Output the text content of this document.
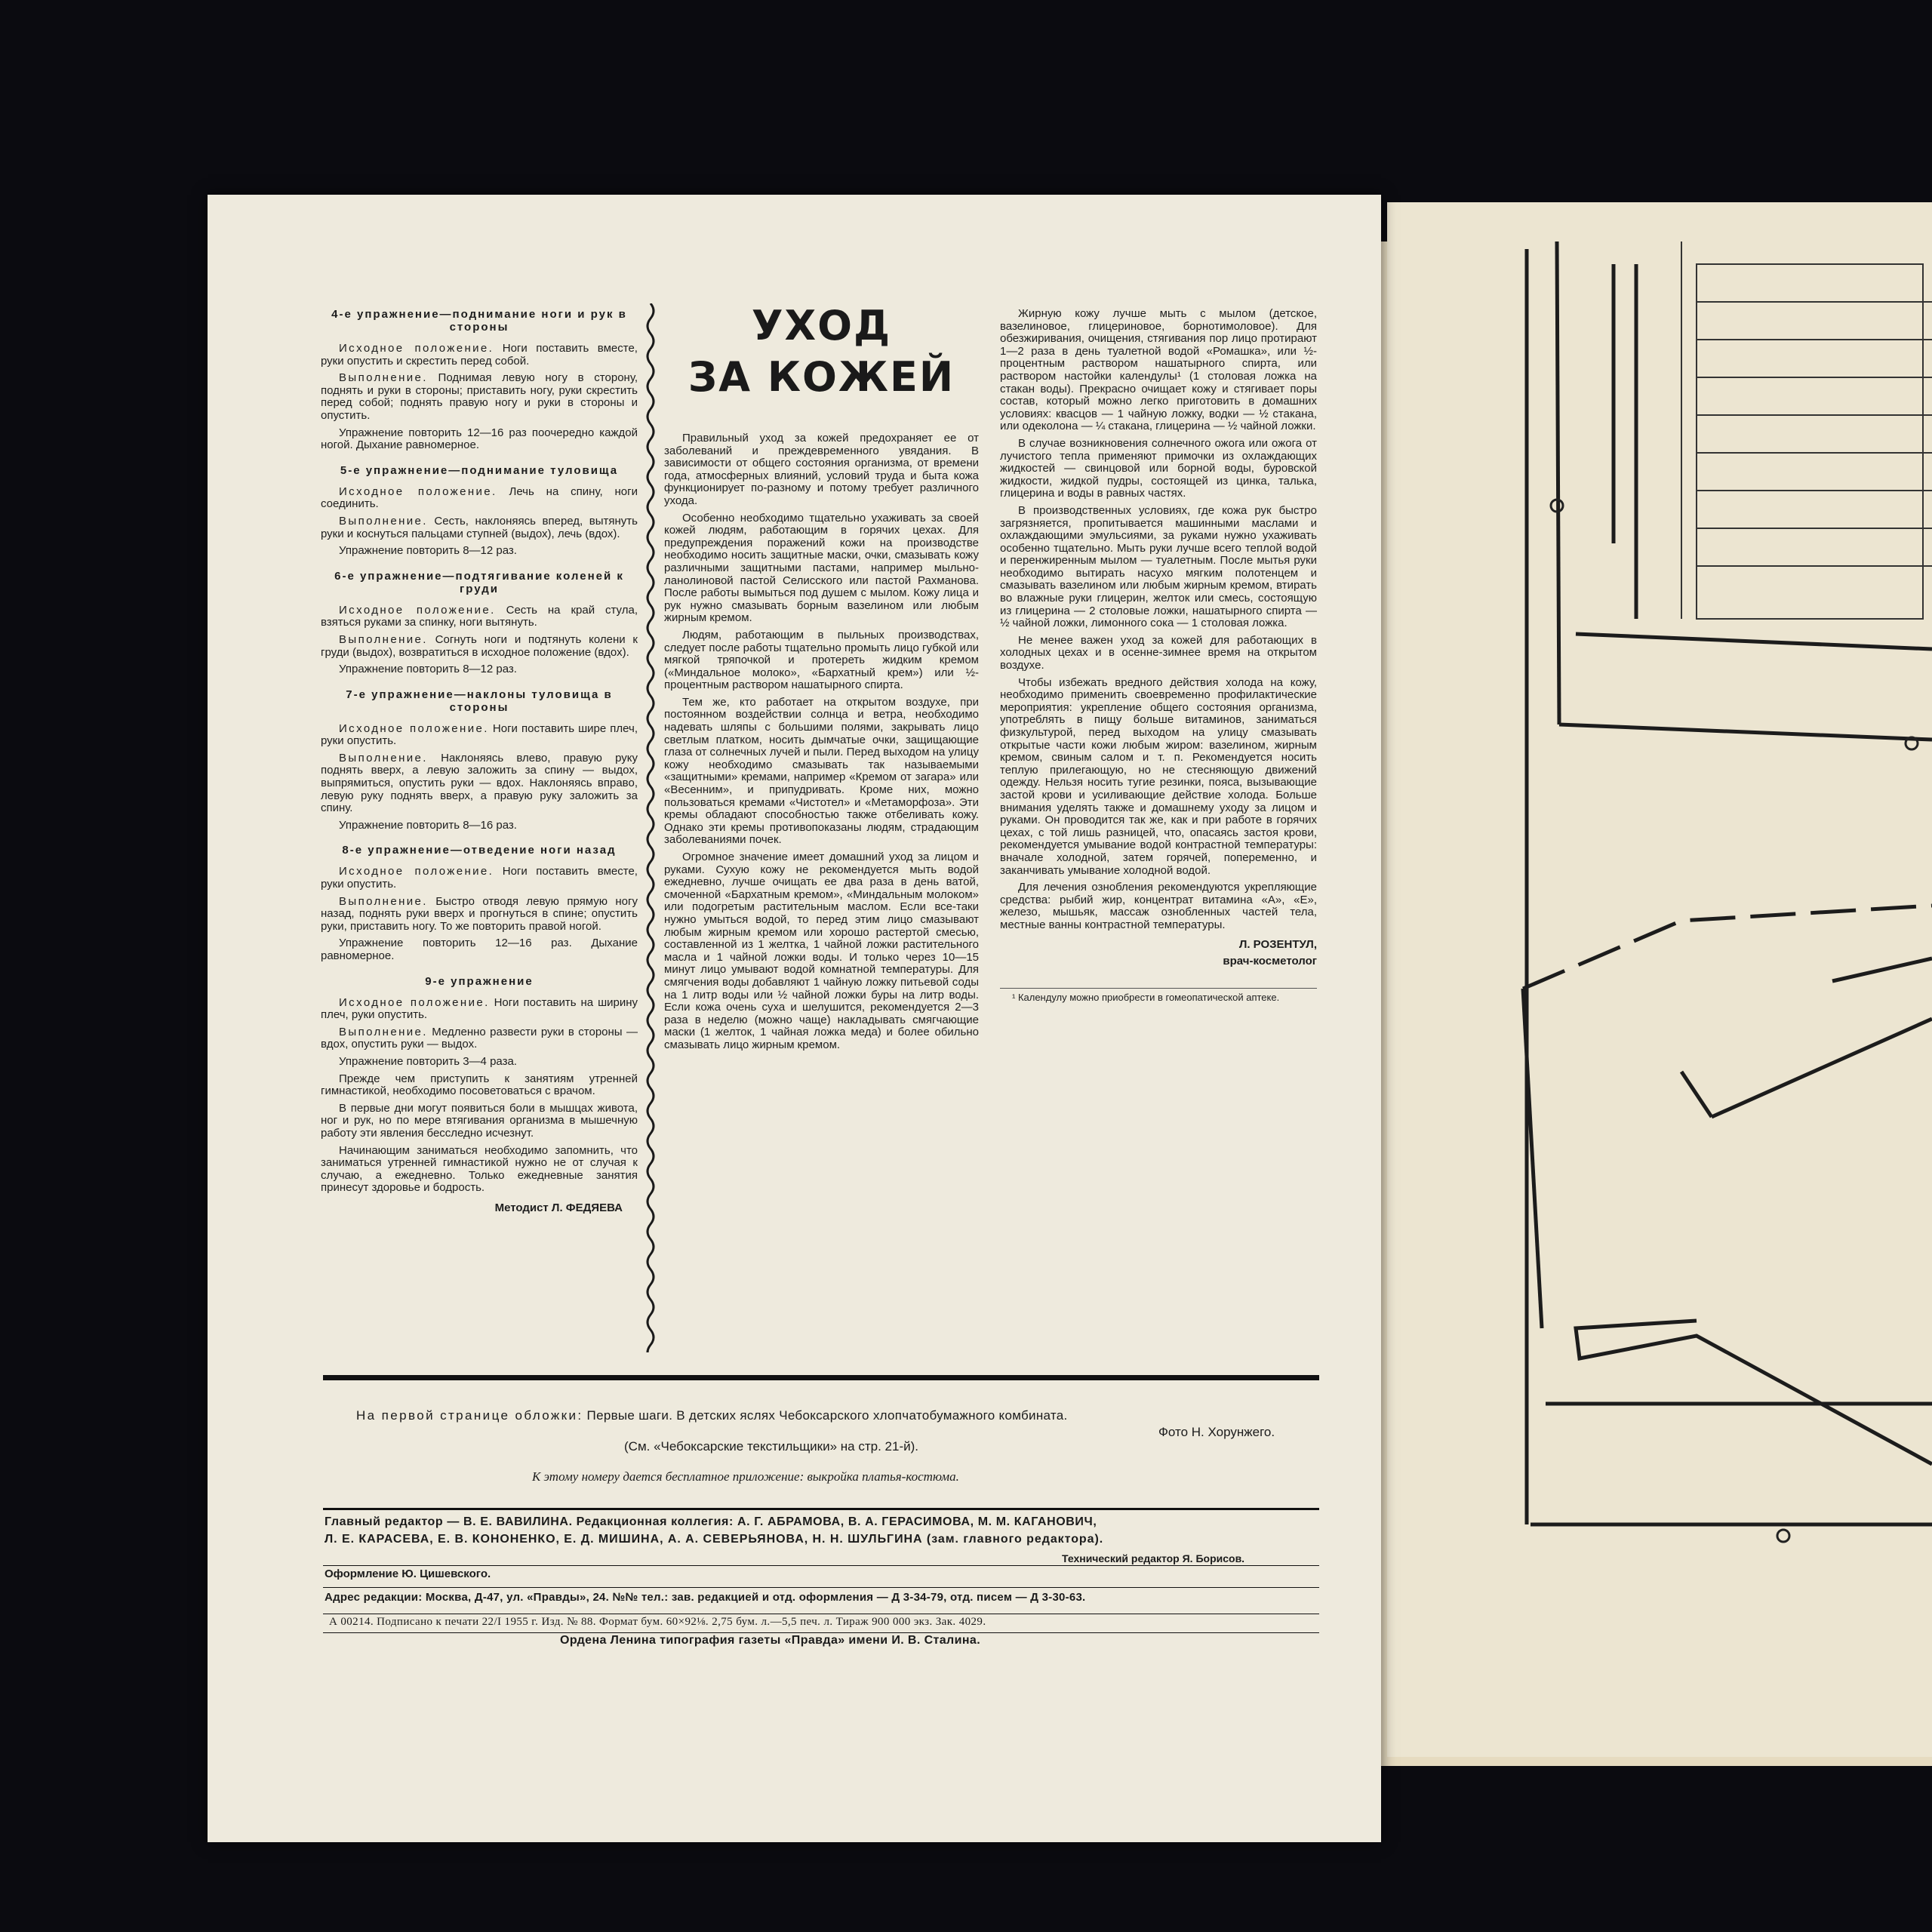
4-е упражнение—поднимание ноги и рук в стороны

Исходное положение. Ноги поставить вместе, руки опустить и скрестить перед собой.

Выполнение. Поднимая левую ногу в сторону, поднять и руки в стороны; приставить ногу, руки скрестить перед собой; поднять правую ногу и руки в стороны и опустить.

Упражнение повторить 12—16 раз поочередно каждой ногой. Дыхание равномерное.

5-е упражнение—поднимание туловища

Исходное положение. Лечь на спину, ноги соединить.

Выполнение. Сесть, наклоняясь вперед, вытянуть руки и коснуться пальцами ступней (выдох), лечь (вдох).

Упражнение повторить 8—12 раз.

6-е упражнение—подтягивание коленей к груди

Исходное положение. Сесть на край стула, взяться руками за спинку, ноги вытянуть.

Выполнение. Согнуть ноги и подтянуть колени к груди (выдох), возвратиться в исходное положение (вдох).

Упражнение повторить 8—12 раз.

7-е упражнение—наклоны туловища в стороны

Исходное положение. Ноги поставить шире плеч, руки опустить.

Выполнение. Наклоняясь влево, правую руку поднять вверх, а левую заложить за спину — выдох, выпрямиться, опустить руки — вдох. Наклоняясь вправо, левую руку поднять вверх, а правую руку заложить за спину.

Упражнение повторить 8—16 раз.

8-е упражнение—отведение ноги назад

Исходное положение. Ноги поставить вместе, руки опустить.

Выполнение. Быстро отводя левую прямую ногу назад, поднять руки вверх и прогнуться в спине; опустить руки, приставить ногу. То же повторить правой ногой.

Упражнение повторить 12—16 раз. Дыхание равномерное.

9-е упражнение

Исходное положение. Ноги поставить на ширину плеч, руки опустить.

Выполнение. Медленно развести руки в стороны — вдох, опустить руки — выдох.

Упражнение повторить 3—4 раза.

Прежде чем приступить к занятиям утренней гимнастикой, необходимо посоветоваться с врачом.

В первые дни могут появиться боли в мышцах живота, ног и рук, но по мере втягивания организма в мышечную работу эти явления бесследно исчезнут.

Начинающим заниматься необходимо запомнить, что заниматься утренней гимнастикой нужно не от случая к случаю, а ежедневно. Только ежедневные занятия принесут здоровье и бодрость.

Методист Л. ФЕДЯЕВА
УХОД
ЗА КОЖЕЙ

Правильный уход за кожей предохраняет ее от заболеваний и преждевременного увядания. В зависимости от общего состояния организма, от времени года, атмосферных влияний, условий труда и быта кожа функционирует по-разному и потому требует различного ухода.

Особенно необходимо тщательно ухаживать за своей кожей людям, работающим в горячих цехах. Для предупреждения поражений кожи на производстве необходимо носить защитные маски, очки, смазывать кожу различными защитными пастами, например мыльно-ланолиновой пастой Селисского или пастой Рахманова. После работы вымыться под душем с мылом. Кожу лица и рук нужно смазывать борным вазелином или любым жирным кремом.

Людям, работающим в пыльных производствах, следует после работы тщательно промыть лицо губкой или мягкой тряпочкой и протереть жидким кремом («Миндальное молоко», «Бархатный крем») или ½-процентным раствором нашатырного спирта.

Тем же, кто работает на открытом воздухе, при постоянном воздействии солнца и ветра, необходимо надевать шляпы с большими полями, закрывать лицо светлым платком, носить дымчатые очки, защищающие глаза от солнечных лучей и пыли. Перед выходом на улицу кожу необходимо смазывать так называемыми «защитными» кремами, например «Кремом от загара» или «Весенним», и припудривать. Кроме них, можно пользоваться кремами «Чистотел» и «Метаморфоза». Эти кремы обладают способностью также отбеливать кожу. Однако эти кремы противопоказаны людям, страдающим заболеваниями почек.

Огромное значение имеет домашний уход за лицом и руками. Сухую кожу не рекомендуется мыть водой ежедневно, лучше очищать ее два раза в день ватой, смоченной «Бархатным кремом», «Миндальным молоком» или подогретым растительным маслом. Если все-таки нужно умыться водой, то перед этим лицо смазывают любым жирным кремом или хорошо растертой смесью, составленной из 1 желтка, 1 чайной ложки растительного масла и 1 чайной ложки воды. И только через 10—15 минут лицо умывают водой комнатной температуры. Для смягчения воды добавляют 1 чайную ложку питьевой соды на 1 литр воды или ½ чайной ложки буры на литр воды. Если кожа очень суха и шелушится, рекомендуется 2—3 раза в неделю (можно чаще) накладывать смягчающие маски (1 желток, 1 чайная ложка меда) и более обильно смазывать лицо жирным кремом.

Жирную кожу лучше мыть с мылом (детское, вазелиновое, глицериновое, борнотимоловое). Для обезжиривания, очищения, стягивания пор лицо протирают 1—2 раза в день туалетной водой «Ромашка», или ½-процентным раствором нашатырного спирта, или раствором настойки календулы¹ (1 столовая ложка на стакан воды). Прекрасно очищает кожу и стягивает поры состав, который можно легко приготовить в домашних условиях: квасцов — 1 чайную ложку, водки — ½ стакана, или одеколона — ¼ стакана, глицерина — ½ чайной ложки.

В случае возникновения солнечного ожога или ожога от лучистого тепла применяют примочки из охлаждающих жидкостей — свинцовой или борной воды, буровской жидкости, жидкой пудры, состоящей из цинка, талька, глицерина и воды в равных частях.

В производственных условиях, где кожа рук быстро загрязняется, пропитывается машинными маслами и охлаждающими эмульсиями, за руками нужно ухаживать особенно тщательно. Мыть руки лучше всего теплой водой и перенжиренным мылом — туалетным. После мытья руки необходимо вытирать насухо мягким полотенцем и смазывать вазелином или любым жирным кремом, втирать во влажные руки глицерин, желток или смесь, состоящую из глицерина — 2 столовые ложки, нашатырного спирта — ½ чайной ложки, лимонного сока — 1 столовая ложка.

Не менее важен уход за кожей для работающих в холодных цехах и в осенне-зимнее время на открытом воздухе.

Чтобы избежать вредного действия холода на кожу, необходимо применить своевременно профилактические мероприятия: укрепление общего состояния организма, употреблять в пищу больше витаминов, заниматься физкультурой, перед выходом на улицу смазывать открытые части кожи любым жиром: вазелином, жирным кремом, свиным салом и т. п. Рекомендуется носить теплую прилегающую, но не стесняющую движений одежду. Нельзя носить тугие резинки, пояса, вызывающие застой крови и усиливающие действие холода. Больше внимания уделять также и домашнему уходу за лицом и руками. Он проводится так же, как и при работе в горячих цехах, с той лишь разницей, что, опасаясь застоя крови, рекомендуется умывание водой контрастной температуры: вначале холодной, затем горячей, попеременно, и заканчивать умывание холодной водой.

Для лечения ознобления рекомендуются укрепляющие средства: рыбий жир, концентрат витамина «А», «Е», железо, мышьяк, массаж ознобленных частей тела, местные ванны контрастной температуры.

Л. РОЗЕНТУЛ,
врач-косметолог
¹ Календулу можно приобрести в гомеопатической аптеке.
На первой странице обложки: Первые шаги. В детских яслях Чебоксарского хлопчатобумажного комбината.
Фото Н. Хорунжего.
(См. «Чебоксарские текстильщики» на стр. 21-й).
К этому номеру дается бесплатное приложение: выкройка платья-костюма.
Главный редактор — В. Е. ВАВИЛИНА. Редакционная коллегия: А. Г. АБРАМОВА, В. А. ГЕРАСИМОВА, М. М. КАГАНОВИЧ,
Л. Е. КАРАСЕВА, Е. В. КОНОНЕНКО, Е. Д. МИШИНА, А. А. СЕВЕРЬЯНОВА, Н. Н. ШУЛЬГИНА (зам. главного редактора).
Технический редактор Я. Борисов.
Оформление Ю. Цишевского.
Адрес редакции: Москва, Д-47, ул. «Правды», 24. №№ тел.: зав. редакцией и отд. оформления — Д 3-34-79, отд. писем — Д 3-30-63.
А 00214. Подписано к печати 22/I 1955 г. Изд. № 88. Формат бум. 60×92⅛. 2,75 бум. л.—5,5 печ. л. Тираж 900 000 экз. Зак. 4029.
Ордена Ленина типография газеты «Правда» имени И. В. Сталина.
